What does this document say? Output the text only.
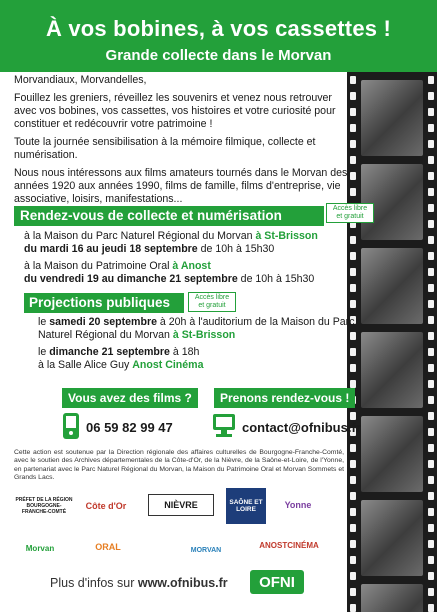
À vos bobines, à vos cassettes !
Grande collecte dans le Morvan
Morvandiaux, Morvandelles,
Fouillez les greniers, réveillez les souvenirs et venez nous retrouver avec vos bobines, vos cassettes, vos histoires et votre curiosité pour constituer et redécouvrir votre patrimoine !
Toute la journée sensibilisation à la mémoire filmique, collecte et numérisation.
Nous nous intéressons aux films amateurs tournés dans le Morvan des années 1920 aux années 1990, films de famille, films d'entreprise, vie associative, loisirs, manifestations...
Rendez-vous de collecte et numérisation	Accès libre et gratuit
à la Maison du Parc Naturel Régional du Morvan à St-Brisson
du mardi 16 au jeudi 18 septembre de 10h à 15h30
à la Maison du Patrimoine Oral à Anost
du vendredi 19 au dimanche 21 septembre de 10h à 15h30
Projections publiques	Accès libre et gratuit
le samedi 20 septembre à 20h à l'auditorium de la Maison du Parc Naturel Régional du Morvan à St-Brisson
le dimanche 21 septembre à 18h
à la Salle Alice Guy Anost Cinéma
Vous avez des films ?	Prenons rendez-vous !
06 59 82 99 47	contact@ofnibus.fr
Cette action est soutenue par la Direction régionale des affaires culturelles de Bourgogne-Franche-Comté, avec le soutien des Archives départementales de la Côte-d'Or, de la Nièvre, de la Saône-et-Loire, de l'Yonne, en partenariat avec le Parc Naturel Régional du Morvan, la Maison du Patrimoine Oral et Morvan Sommets et Grands Lacs.
PRÉFET DE LA RÉGION BOURGOGNE-FRANCHE-COMTÉ
Côte d'Or	NIÈVRE	SAÔNE ET LOIRE	Yonne
Morvan	ORAL	MORVAN
ANOSTCINÉMA
Plus d'infos sur www.ofnibus.fr	OFNI
